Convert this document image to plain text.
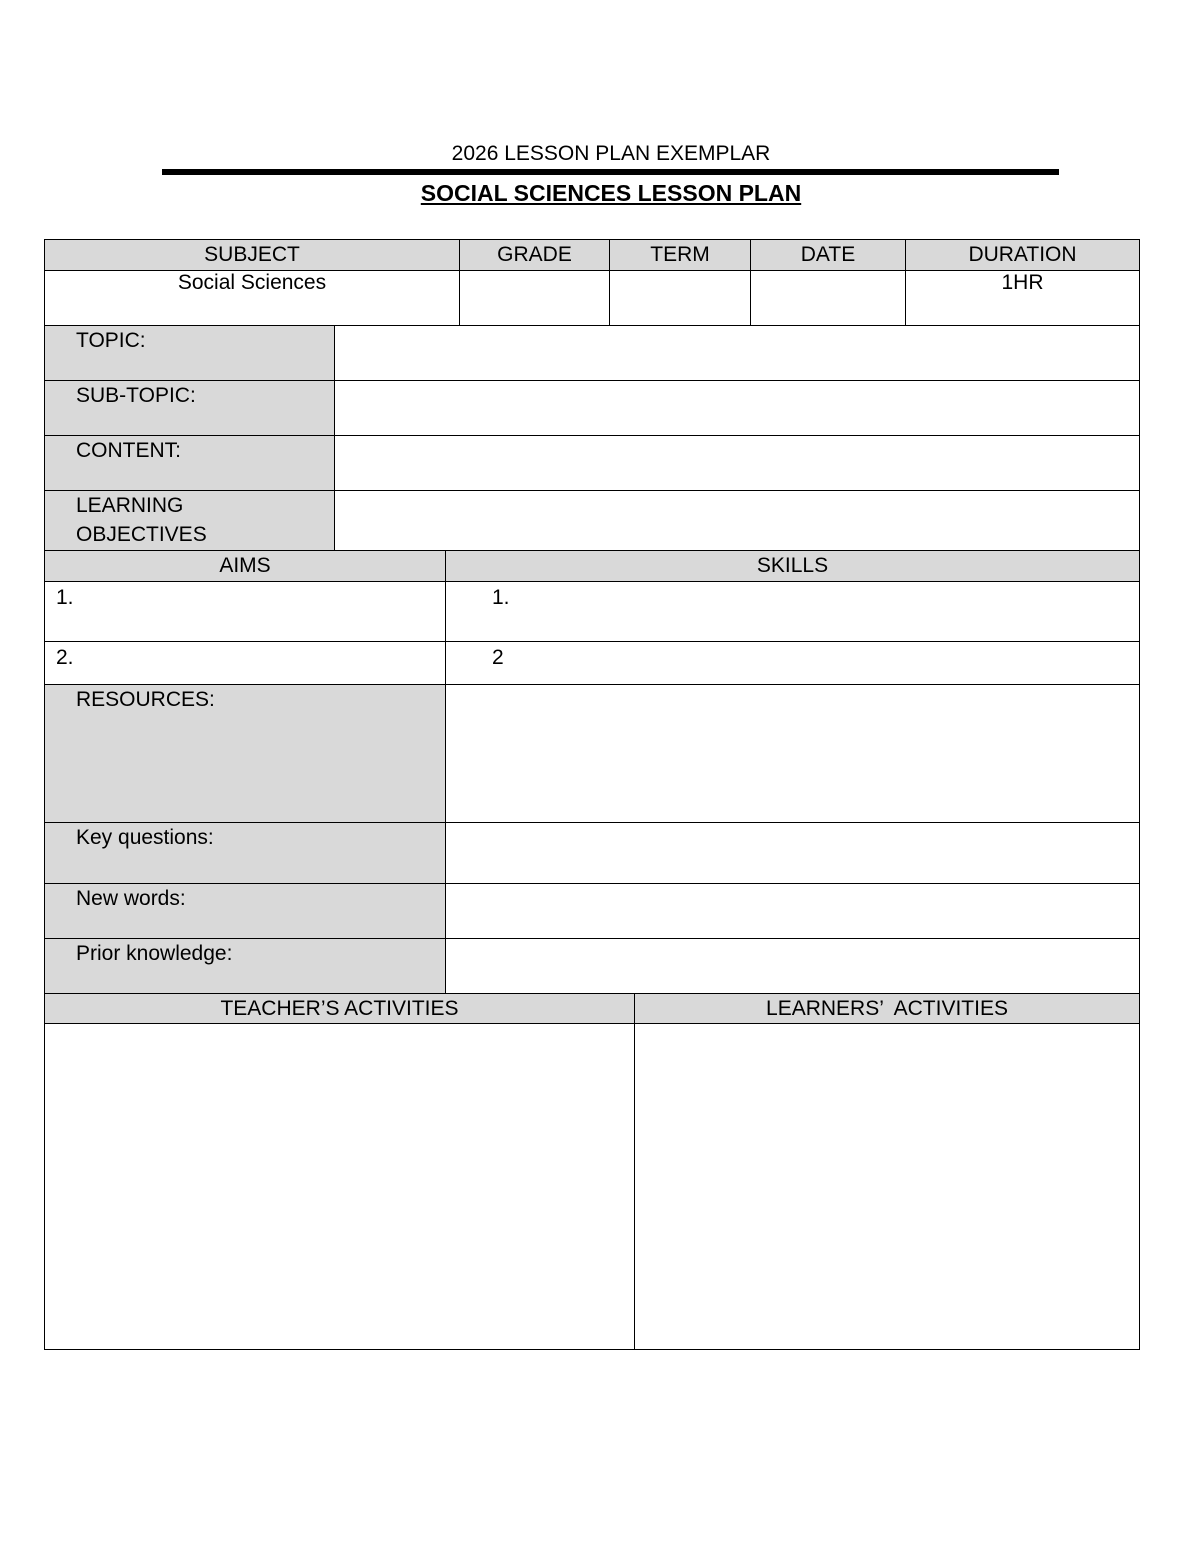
2026 LESSON PLAN EXEMPLAR
SOCIAL SCIENCES LESSON PLAN
SUBJECT	GRADE	TERM	DATE	DURATION
Social Sciences				1HR
TOPIC:	
SUB-TOPIC:	
CONTENT:	

LEARNING
OBJECTIVES	

AIMS	SKILLS
1.	1.
2.	2
RESOURCES:	
Key questions:	
New words:	
Prior knowledge:	
TEACHER’S ACTIVITIES	LEARNERS’  ACTIVITIES
